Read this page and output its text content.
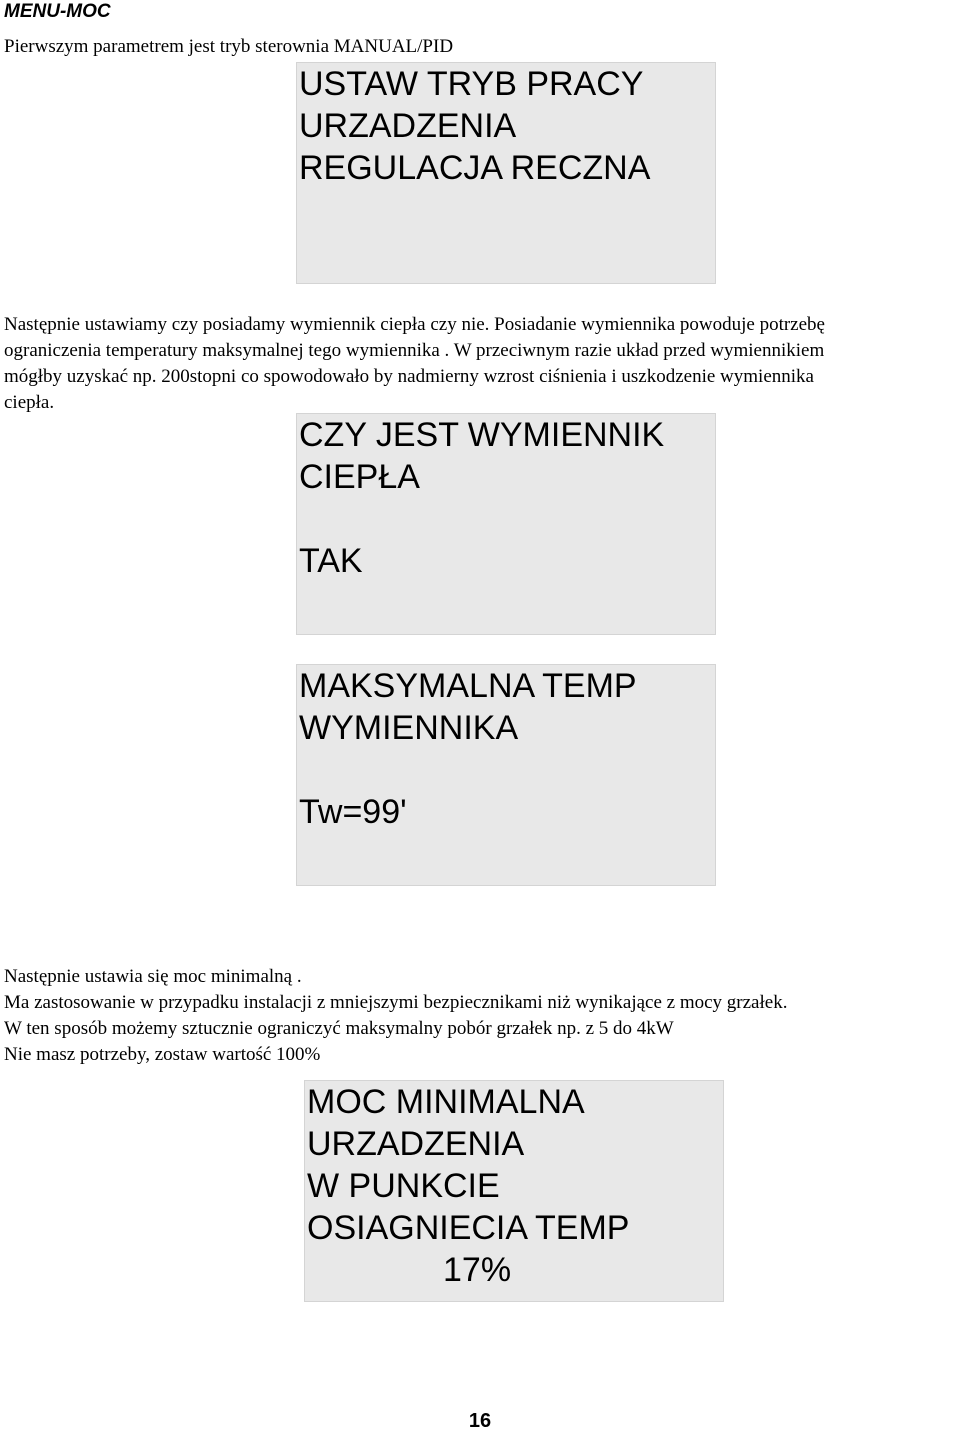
MENU-MOC
Pierwszym parametrem jest tryb sterownia MANUAL/PID
USTAW TRYB PRACY
URZADZENIA
REGULACJA RECZNA
Następnie ustawiamy czy posiadamy wymiennik ciepła czy nie. Posiadanie wymiennika powoduje potrzebę
ograniczenia temperatury maksymalnej tego wymiennika . W przeciwnym razie układ przed wymiennikiem
mógłby uzyskać np. 200stopni co spowodowało by nadmierny wzrost ciśnienia i uszkodzenie wymiennika
ciepła.
CZY JEST WYMIENNIK
CIEPŁA
TAK
MAKSYMALNA TEMP
WYMIENNIKA
Tw=99'
Następnie ustawia się moc minimalną .
Ma zastosowanie w przypadku instalacji z mniejszymi bezpiecznikami niż wynikające z mocy grzałek.
W ten sposób możemy sztucznie ograniczyć maksymalny pobór grzałek np. z 5 do 4kW
Nie masz potrzeby, zostaw wartość 100%
MOC MINIMALNA
URZADZENIA
W PUNKCIE
OSIAGNIECIA TEMP
17%
16
